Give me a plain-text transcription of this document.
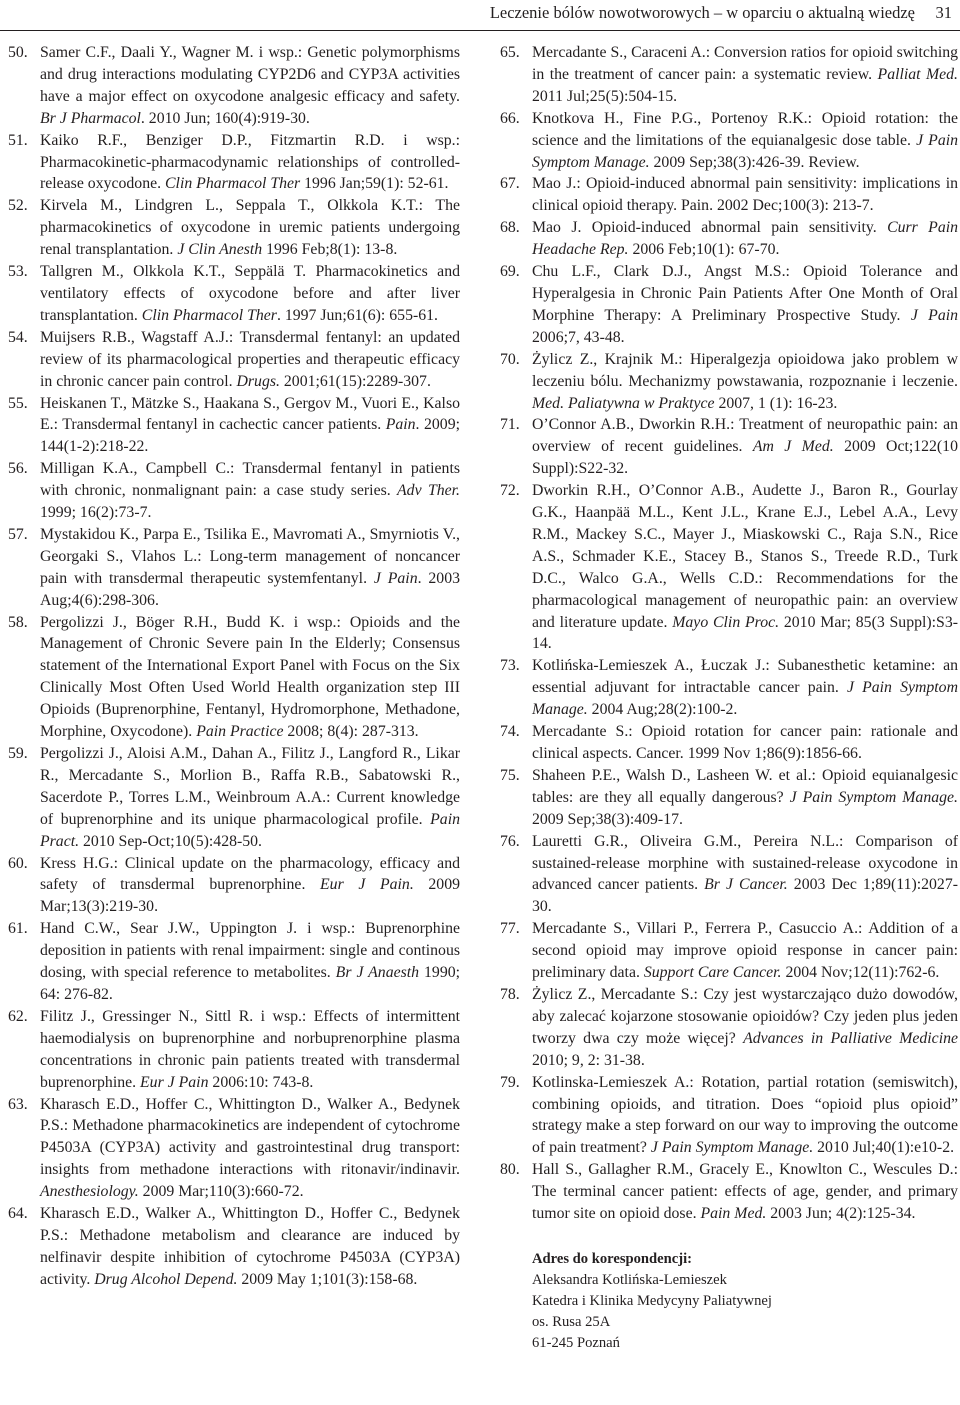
Leczenie bólów nowotworowych – w oparciu o aktualną wiedzę 31
50. Samer C.F., Daali Y., Wagner M. i wsp.: Genetic polymorphisms and drug interactions modulating CYP2D6 and CYP3A activities have a major effect on oxycodone analgesic efficacy and safety. Br J Pharmacol. 2010 Jun; 160(4):919-30.
51. Kaiko R.F., Benziger D.P., Fitzmartin R.D. i wsp.: Pharmacokinetic-pharmacodynamic relationships of controlled-release oxycodone. Clin Pharmacol Ther 1996 Jan;59(1): 52-61.
52. Kirvela M., Lindgren L., Seppala T., Olkkola K.T.: The pharmacokinetics of oxycodone in uremic patients undergoing renal transplantation. J Clin Anesth 1996 Feb;8(1): 13-8.
53. Tallgren M., Olkkola K.T., Seppälä T. Pharmacokinetics and ventilatory effects of oxycodone before and after liver transplantation. Clin Pharmacol Ther. 1997 Jun;61(6): 655-61.
54. Muijsers R.B., Wagstaff A.J.: Transdermal fentanyl: an updated review of its pharmacological properties and therapeutic efficacy in chronic cancer pain control. Drugs. 2001;61(15):2289-307.
55. Heiskanen T., Mätzke S., Haakana S., Gergov M., Vuori E., Kalso E.: Transdermal fentanyl in cachectic cancer patients. Pain. 2009; 144(1-2):218-22.
56. Milligan K.A., Campbell C.: Transdermal fentanyl in patients with chronic, nonmalignant pain: a case study series. Adv Ther. 1999; 16(2):73-7.
57. Mystakidou K., Parpa E., Tsilika E., Mavromati A., Smyrniotis V., Georgaki S., Vlahos L.: Long-term management of noncancer pain with transdermal therapeutic systemfentanyl. J Pain. 2003 Aug;4(6):298-306.
58. Pergolizzi J., Böger R.H., Budd K. i wsp.: Opioids and the Management of Chronic Severe pain In the Elderly; Consensus statement of the International Export Panel with Focus on the Six Clinically Most Often Used World Health organization step III Opioids (Buprenorphine, Fentanyl, Hydromorphone, Methadone, Morphine, Oxycodone). Pain Practice 2008; 8(4): 287-313.
59. Pergolizzi J., Aloisi A.M., Dahan A., Filitz J., Langford R., Likar R., Mercadante S., Morlion B., Raffa R.B., Sabatowski R., Sacerdote P., Torres L.M., Weinbroum A.A.: Current knowledge of buprenorphine and its unique pharmacological profile. Pain Pract. 2010 Sep-Oct;10(5):428-50.
60. Kress H.G.: Clinical update on the pharmacology, efficacy and safety of transdermal buprenorphine. Eur J Pain. 2009 Mar;13(3):219-30.
61. Hand C.W., Sear J.W., Uppington J. i wsp.: Buprenorphine deposition in patients with renal impairment: single and continous dosing, with special reference to metabolites. Br J Anaesth 1990; 64: 276-82.
62. Filitz J., Gressinger N., Sittl R. i wsp.: Effects of intermittent haemodialysis on buprenorphine and norbuprenorphine plasma concentrations in chronic pain patients treated with transdermal buprenorphine. Eur J Pain 2006:10: 743-8.
63. Kharasch E.D., Hoffer C., Whittington D., Walker A., Bedynek P.S.: Methadone pharmacokinetics are independent of cytochrome P4503A (CYP3A) activity and gastrointestinal drug transport: insights from methadone interactions with ritonavir/indinavir. Anesthesiology. 2009 Mar;110(3):660-72.
64. Kharasch E.D., Walker A., Whittington D., Hoffer C., Bedynek P.S.: Methadone metabolism and clearance are induced by nelfinavir despite inhibition of cytochrome P4503A (CYP3A) activity. Drug Alcohol Depend. 2009 May 1;101(3):158-68.
65. Mercadante S., Caraceni A.: Conversion ratios for opioid switching in the treatment of cancer pain: a systematic review. Palliat Med. 2011 Jul;25(5):504-15.
66. Knotkova H., Fine P.G., Portenoy R.K.: Opioid rotation: the science and the limitations of the equianalgesic dose table. J Pain Symptom Manage. 2009 Sep;38(3):426-39. Review.
67. Mao J.: Opioid-induced abnormal pain sensitivity: implications in clinical opioid therapy. Pain. 2002 Dec;100(3): 213-7.
68. Mao J. Opioid-induced abnormal pain sensitivity. Curr Pain Headache Rep. 2006 Feb;10(1): 67-70.
69. Chu L.F., Clark D.J., Angst M.S.: Opioid Tolerance and Hyperalgesia in Chronic Pain Patients After One Month of Oral Morphine Therapy: A Preliminary Prospective Study. J Pain 2006;7, 43-48.
70. Żylicz Z., Krajnik M.: Hiperalgezja opioidowa jako problem w leczeniu bólu. Mechanizmy powstawania, rozpoznanie i leczenie. Med. Paliatywna w Praktyce 2007, 1 (1): 16-23.
71. O’Connor A.B., Dworkin R.H.: Treatment of neuropathic pain: an overview of recent guidelines. Am J Med. 2009 Oct;122(10 Suppl):S22-32.
72. Dworkin R.H., O’Connor A.B., Audette J., Baron R., Gourlay G.K., Haanpää M.L., Kent J.L., Krane E.J., Lebel A.A., Levy R.M., Mackey S.C., Mayer J., Miaskowski C., Raja S.N., Rice A.S., Schmader K.E., Stacey B., Stanos S., Treede R.D., Turk D.C., Walco G.A., Wells C.D.: Recommendations for the pharmacological management of neuropathic pain: an overview and literature update. Mayo Clin Proc. 2010 Mar; 85(3 Suppl):S3-14.
73. Kotlińska-Lemieszek A., Łuczak J.: Subanesthetic ketamine: an essential adjuvant for intractable cancer pain. J Pain Symptom Manage. 2004 Aug;28(2):100-2.
74. Mercadante S.: Opioid rotation for cancer pain: rationale and clinical aspects. Cancer. 1999 Nov 1;86(9):1856-66.
75. Shaheen P.E., Walsh D., Lasheen W. et al.: Opioid equianalgesic tables: are they all equally dangerous? J Pain Symptom Manage. 2009 Sep;38(3):409-17.
76. Lauretti G.R., Oliveira G.M., Pereira N.L.: Comparison of sustained-release morphine with sustained-release oxycodone in advanced cancer patients. Br J Cancer. 2003 Dec 1;89(11):2027-30.
77. Mercadante S., Villari P., Ferrera P., Casuccio A.: Addition of a second opioid may improve opioid response in cancer pain: preliminary data. Support Care Cancer. 2004 Nov;12(11):762-6.
78. Żylicz Z., Mercadante S.: Czy jest wystarczająco dużo dowodów, aby zalecać kojarzone stosowanie opioidów? Czy jeden plus jeden tworzy dwa czy może więcej? Advances in Palliative Medicine 2010; 9, 2: 31-38.
79. Kotlinska-Lemieszek A.: Rotation, partial rotation (semiswitch), combining opioids, and titration. Does “opioid plus opioid” strategy make a step forward on our way to improving the outcome of pain treatment? J Pain Symptom Manage. 2010 Jul;40(1):e10-2.
80. Hall S., Gallagher R.M., Gracely E., Knowlton C., Wescules D.: The terminal cancer patient: effects of age, gender, and primary tumor site on opioid dose. Pain Med. 2003 Jun; 4(2):125-34.
Adres do korespondencji:
Aleksandra Kotlińska-Lemieszek
Katedra i Klinika Medycyny Paliatywnej
os. Rusa 25A
61-245 Poznań
